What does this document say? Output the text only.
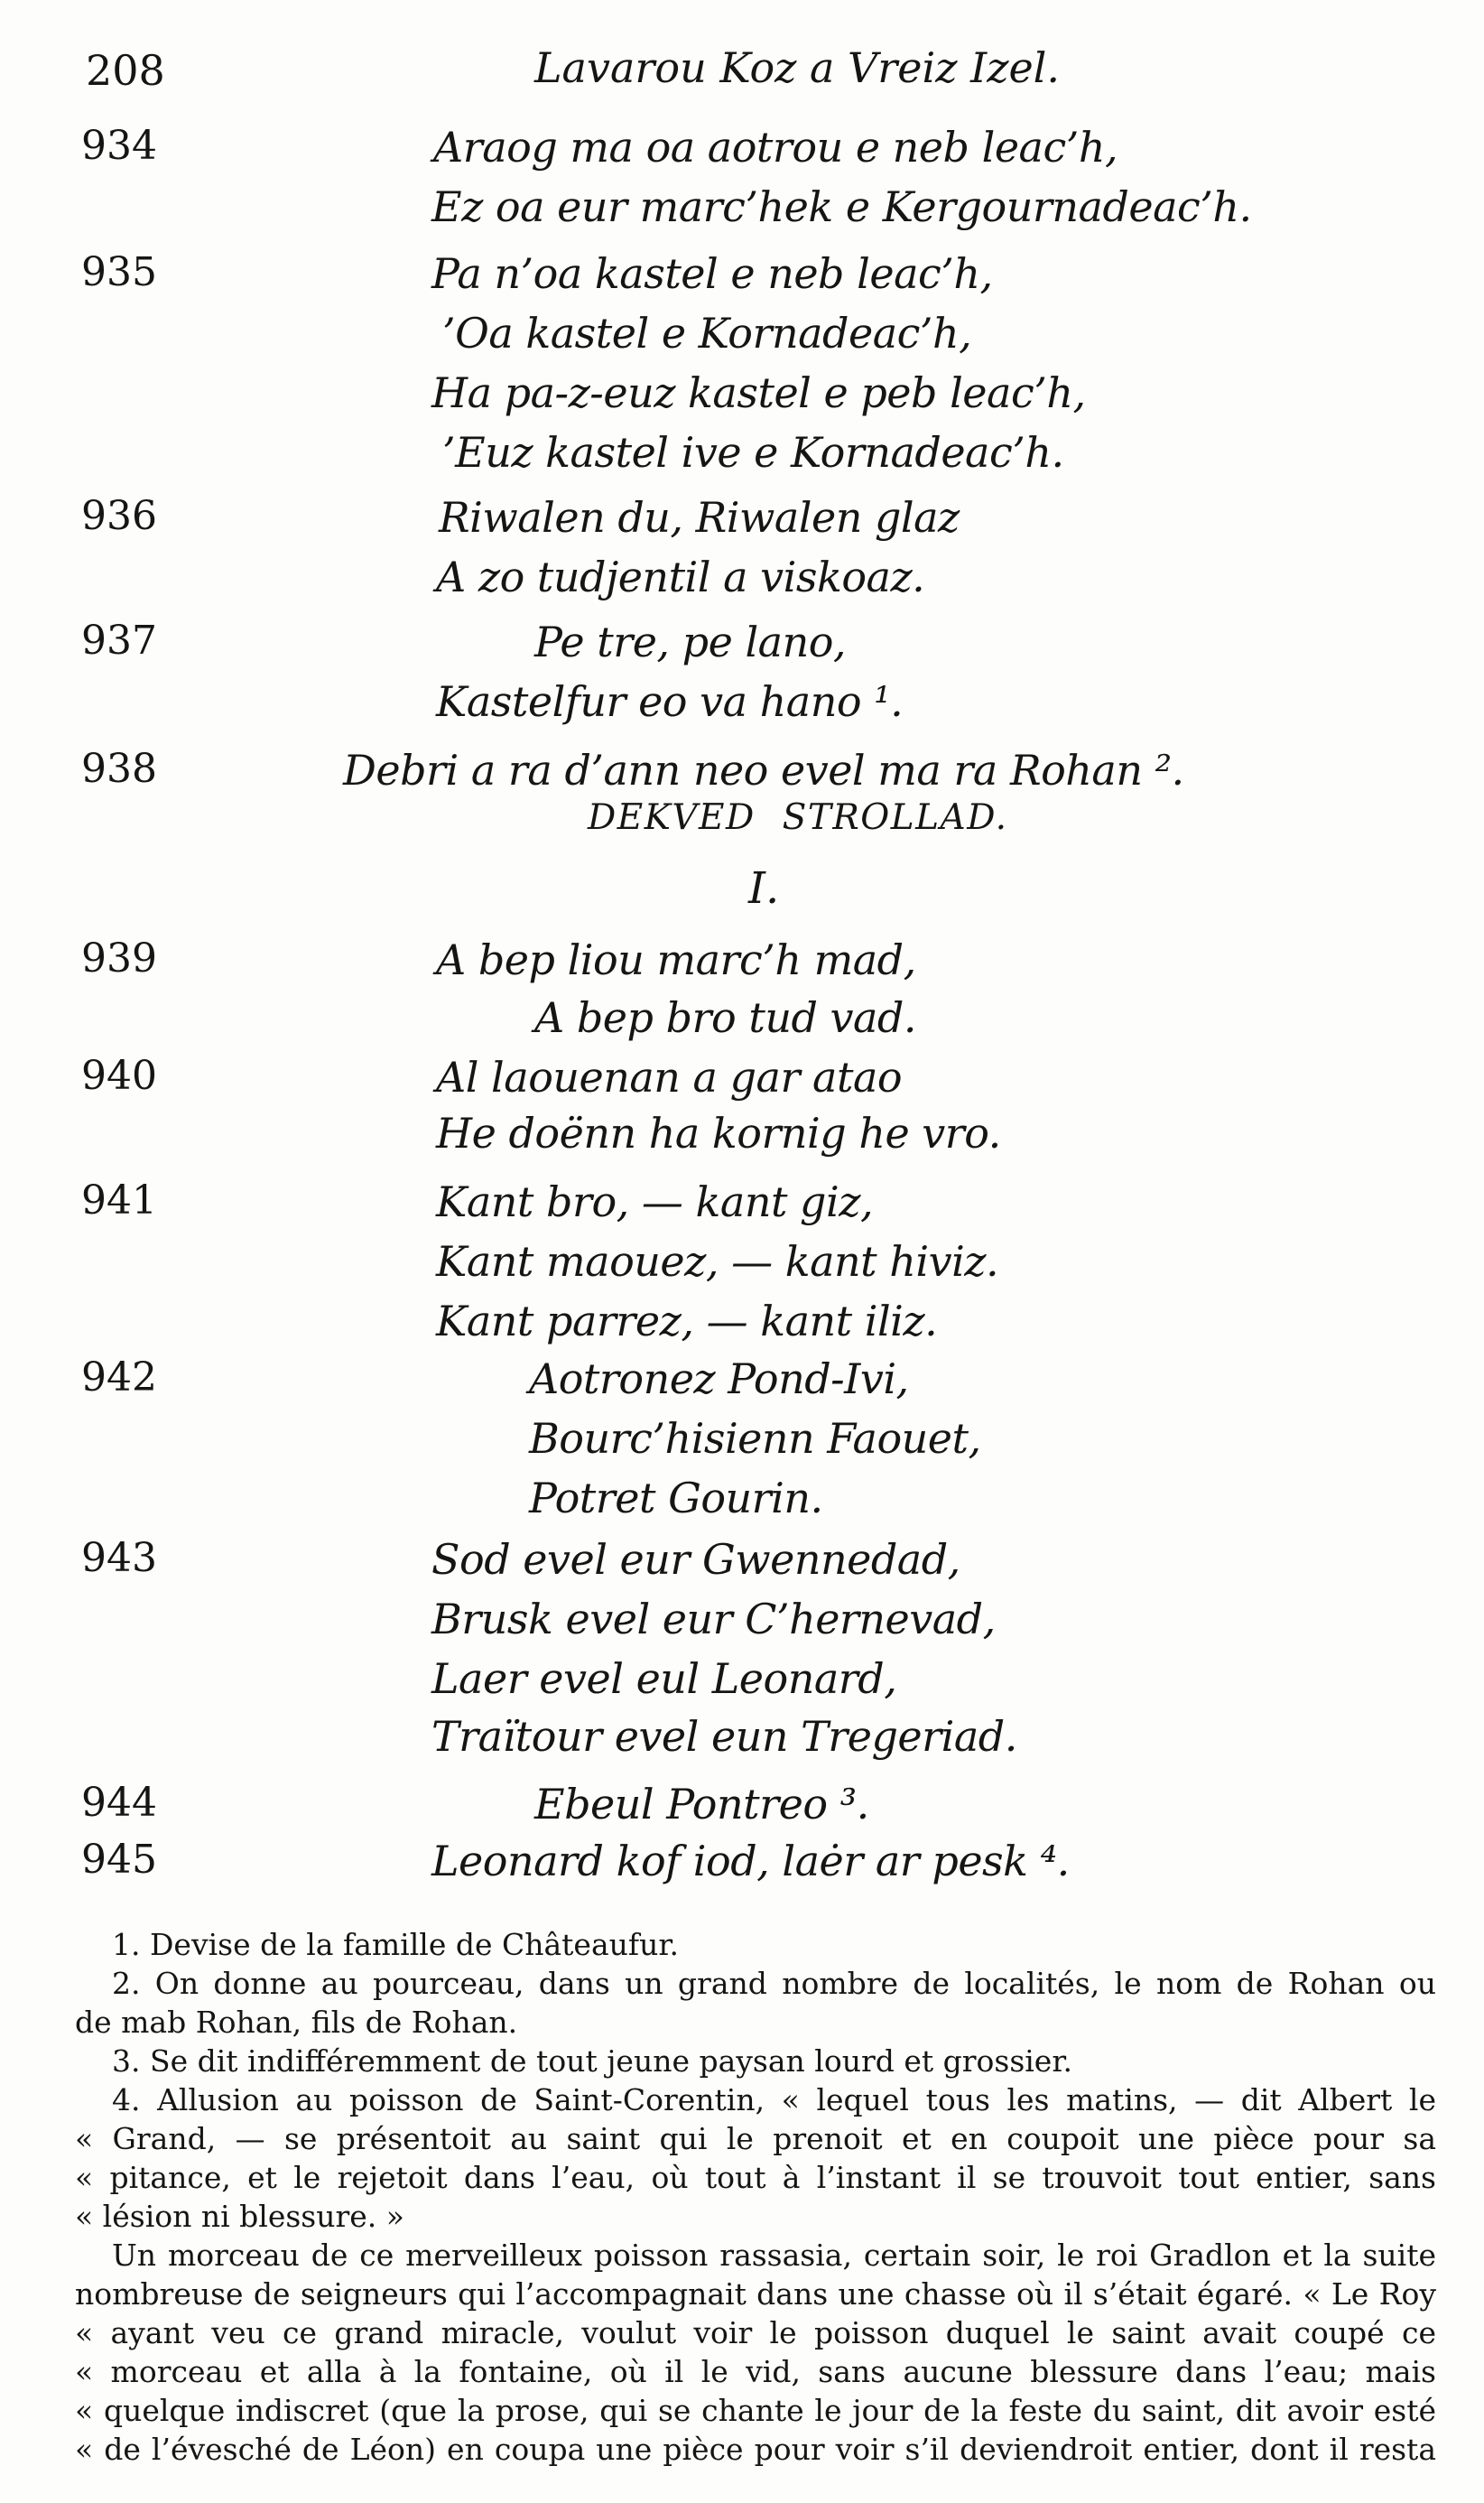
208	Lavarou Koz a Vreiz Izel.
934	Araog ma oa aotrou e neb leac’h,
Ez oa eur marc’hek e Kergournadeac’h.
935	Pa n’oa kastel e neb leac’h,
’Oa kastel e Kornadeac’h,
Ha pa-z-euz kastel e peb leac’h,
’Euz kastel ive e Kornadeac’h.
936	Riwalen du, Riwalen glaz
A zo tudjentil a viskoaz.
937	Pe tre, pe lano,
Kastelfur eo va hano ¹.
938	Debri a ra d’ann neo evel ma ra Rohan ².
DEKVED STROLLAD.
I.
939	A bep liou marc’h mad,
A bep bro tud vad.
940	Al laouenan a gar atao
He doënn ha kornig he vro.
941	Kant bro, — kant giz,
Kant maouez, — kant hiviz.
Kant parrez, — kant iliz.
942	Aotronez Pond-Ivi,
Bourc’hisienn Faouet,
Potret Gourin.
943	Sod evel eur Gwennedad,
Brusk evel eur C’hernevad,
Laer evel eul Leonard,
Traïtour evel eun Tregeriad.
944	Ebeul Pontreo ³.
945	Leonard kof iod, laėr ar pesk ⁴.
1. Devise de la famille de Châteaufur.
2. On donne au pourceau, dans un grand nombre de localités, le nom de Rohan ou
de mab Rohan, fils de Rohan.
3. Se dit indifféremment de tout jeune paysan lourd et grossier.
4. Allusion au poisson de Saint-Corentin, « lequel tous les matins, — dit Albert le
« Grand, — se présentoit au saint qui le prenoit et en coupoit une pièce pour sa
« pitance, et le rejetoit dans l’eau, où tout à l’instant il se trouvoit tout entier, sans
« lésion ni blessure. »
Un morceau de ce merveilleux poisson rassasia, certain soir, le roi Gradlon et la suite
nombreuse de seigneurs qui l’accompagnait dans une chasse où il s’était égaré. « Le Roy
« ayant veu ce grand miracle, voulut voir le poisson duquel le saint avait coupé ce
« morceau et alla à la fontaine, où il le vid, sans aucune blessure dans l’eau; mais
« quelque indiscret (que la prose, qui se chante le jour de la feste du saint, dit avoir esté
« de l’évesché de Léon) en coupa une pièce pour voir s’il deviendroit entier, dont il resta
